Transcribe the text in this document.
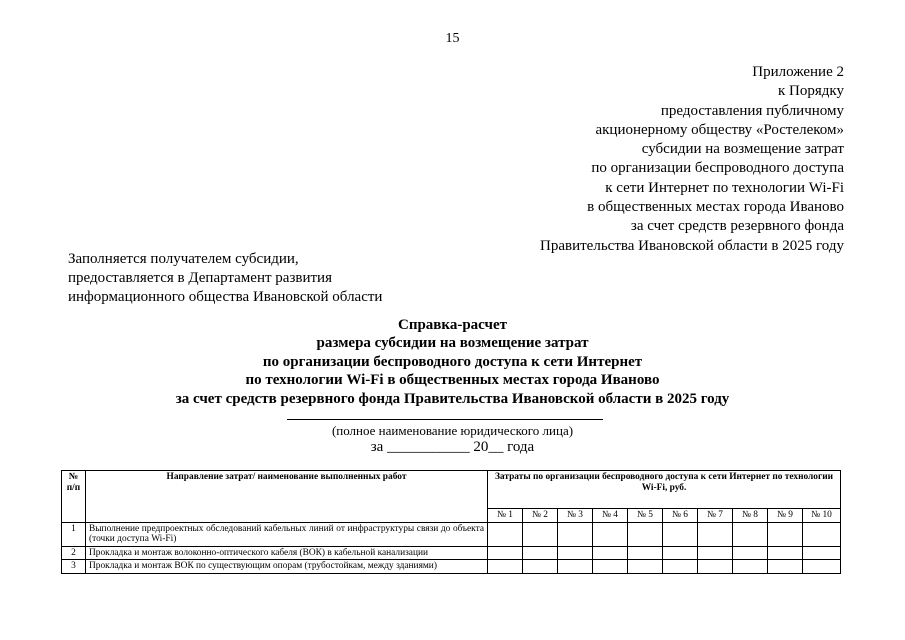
15
Приложение 2
к Порядку
предоставления публичному
акционерному обществу «Ростелеком»
субсидии на возмещение затрат
по организации беспроводного доступа
к сети Интернет по технологии Wi-Fi
в общественных местах города Иваново
за счет средств резервного фонда
Правительства Ивановской области в 2025 году
Заполняется получателем субсидии,
предоставляется в Департамент развития
информационного общества Ивановской области
Справка-расчет
размера субсидии на возмещение затрат
по организации беспроводного доступа к сети Интернет
по технологии Wi-Fi в общественных местах города Иваново
за счет средств резервного фонда Правительства Ивановской области в 2025 году
(полное наименование юридического лица)
за ___________ 20__ года
№ п/п	Направление затрат/ наименование выполненных работ	Затраты по организации беспроводного доступа к сети Интернет по технологии Wi-Fi, руб.									
		№ 1	№ 2	№ 3	№ 4	№ 5	№ 6	№ 7	№ 8	№ 9	№ 10
1	Выполнение предпроектных обследований кабельных линий от инфраструктуры связи до объекта (точки доступа Wi-Fi)										
2	Прокладка и монтаж волоконно-оптического кабеля (ВОК) в кабельной канализации										
3	Прокладка и монтаж ВОК по существующим опорам (трубостойкам, между зданиями)										
